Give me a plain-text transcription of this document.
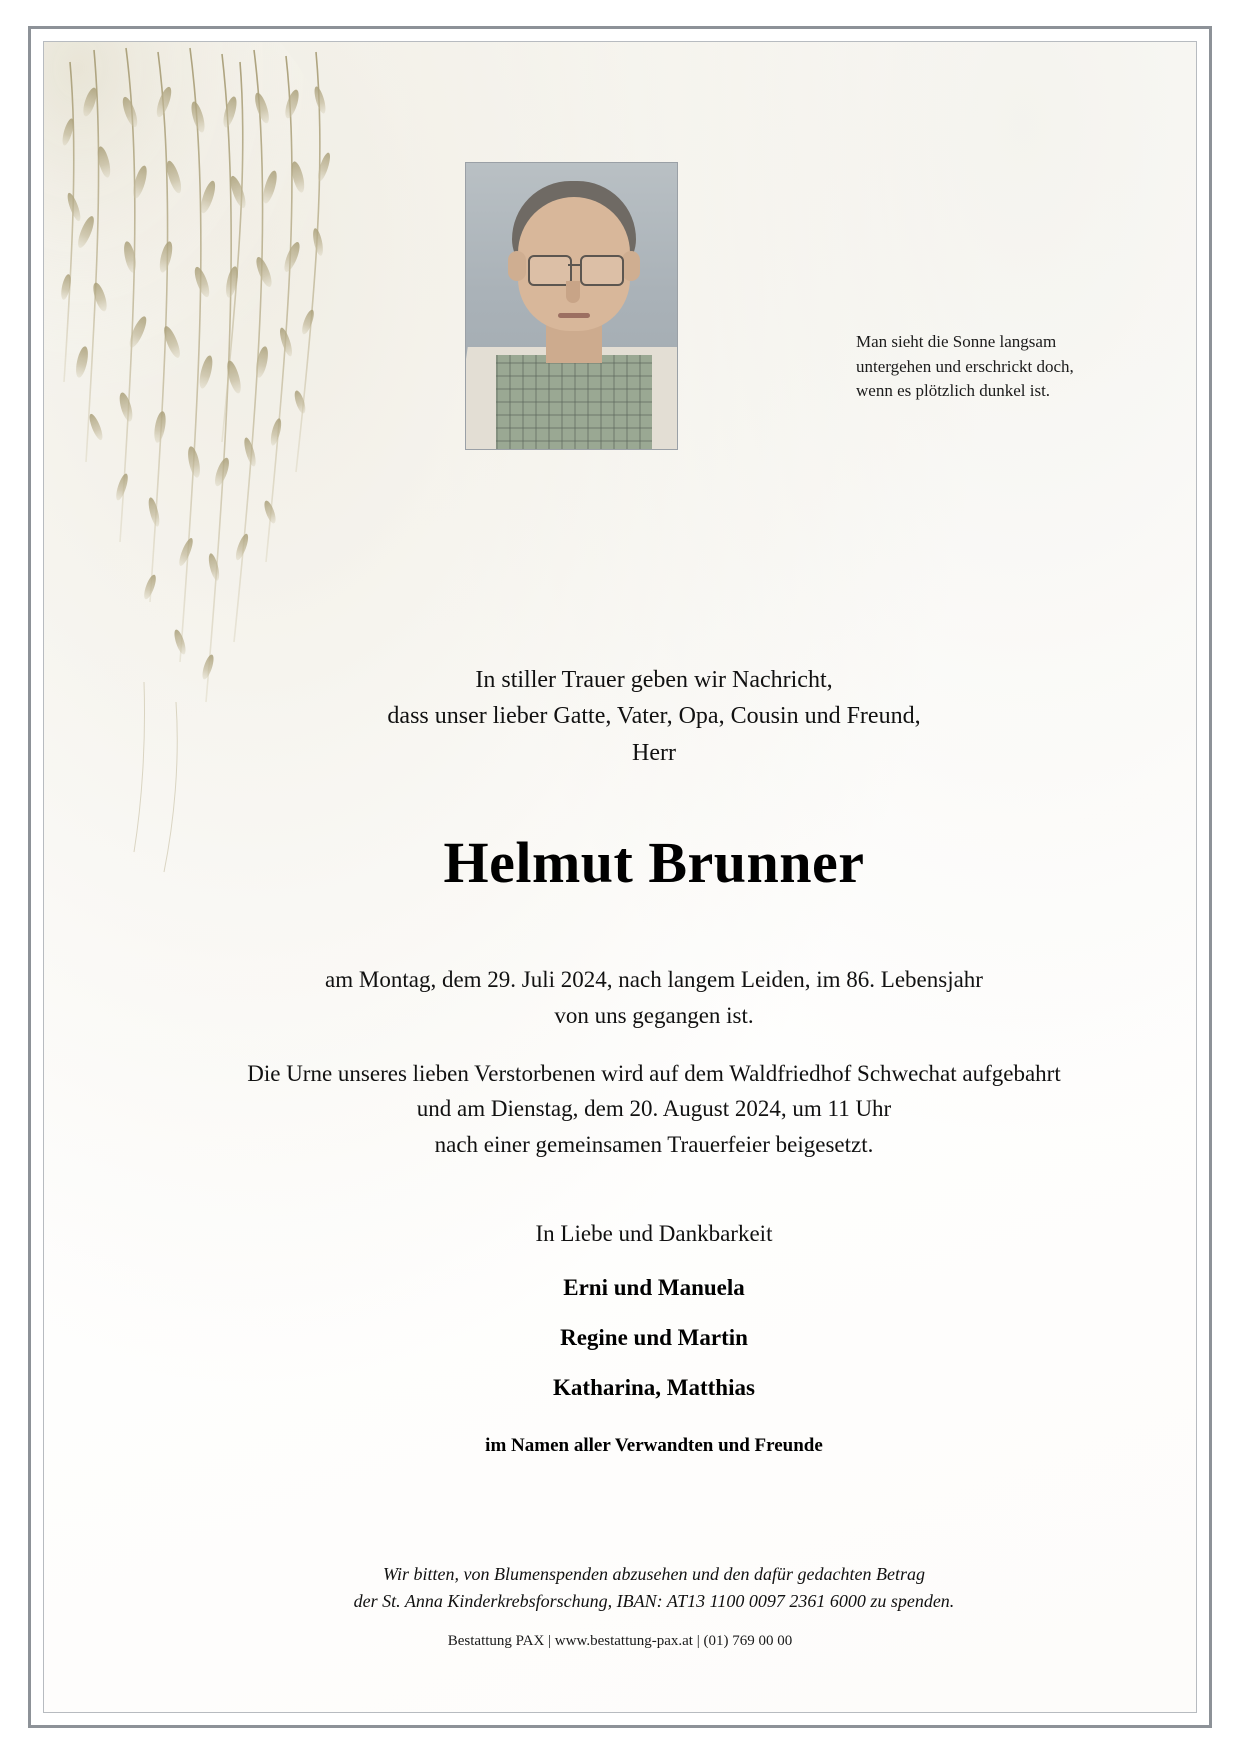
Man sieht die Sonne langsam
untergehen und erschrickt doch,
wenn es plötzlich dunkel ist.
In stiller Trauer geben wir Nachricht,
dass unser lieber Gatte, Vater, Opa, Cousin und Freund,
Herr
Helmut Brunner
am Montag, dem 29. Juli 2024, nach langem Leiden, im 86. Lebensjahr
von uns gegangen ist.
Die Urne unseres lieben Verstorbenen wird auf dem Waldfriedhof Schwechat aufgebahrt
und am Dienstag, dem 20. August 2024, um 11 Uhr
nach einer gemeinsamen Trauerfeier beigesetzt.
In Liebe und Dankbarkeit
Erni und Manuela
Regine und Martin
Katharina, Matthias
im Namen aller Verwandten und Freunde
Wir bitten, von Blumenspenden abzusehen und den dafür gedachten Betrag
der St. Anna Kinderkrebsforschung, IBAN: AT13 1100 0097 2361 6000 zu spenden.
Bestattung PAX | www.bestattung-pax.at | (01) 769 00 00
